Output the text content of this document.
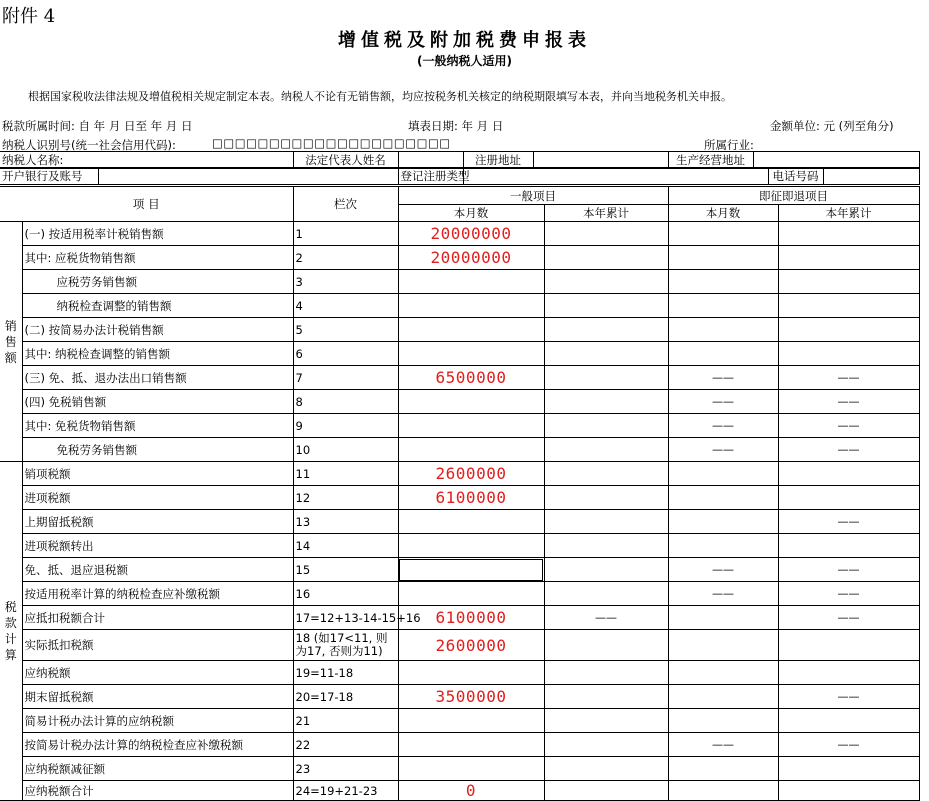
附件 4
增值税及附加税费申报表
(一般纳税人适用)
根据国家税收法律法规及增值税相关规定制定本表。纳税人不论有无销售额，均应按税务机关核定的纳税期限填写本表，并向当地税务机关申报。
税款所属时间: 自 年 月 日至 年 月 日	填表日期: 年 月 日	金额单位: 元 (列至角分)
纳税人识别号(统一社会信用代码):	□□□□□□□□□□□□□□□□□□□□□	所属行业:
纳税人名称:	法定代表人姓名		注册地址		生产经营地址	
开户银行及账号		登记注册类型		电话号码	
项 目		栏次	一般项目		即征即退项目	
			本月数	本年累计	本月数	本年累计

销
售
额	(一) 按适用税率计税销售额	1	20000000			
	其中: 应税货物销售额	2	20000000			
	应税劳务销售额	3				
	纳税检查调整的销售额	4				
	(二) 按简易办法计税销售额	5				
	其中: 纳税检查调整的销售额	6				
	(三) 免、抵、退办法出口销售额	7	6500000		——	——
	(四) 免税销售额	8			——	——
	其中: 免税货物销售额	9			——	——
	免税劳务销售额	10			——	——

税
款
计
算	销项税额	11	2600000			
	进项税额	12	6100000			
	上期留抵税额	13				——
	进项税额转出	14				
	免、抵、退应退税额	15			——	——
	按适用税率计算的纳税检查应补缴税额	16			——	——
	应抵扣税额合计	17=12+13-14-15+16	6100000	——		——
	实际抵扣税额	18 (如17<11, 则为17, 否则为11)	2600000			
	应纳税额	19=11-18				
	期末留抵税额	20=17-18	3500000			——
	简易计税办法计算的应纳税额	21				
	按简易计税办法计算的纳税检查应补缴税额	22			——	——
	应纳税额减征额	23				
	应纳税额合计	24=19+21-23	0			
